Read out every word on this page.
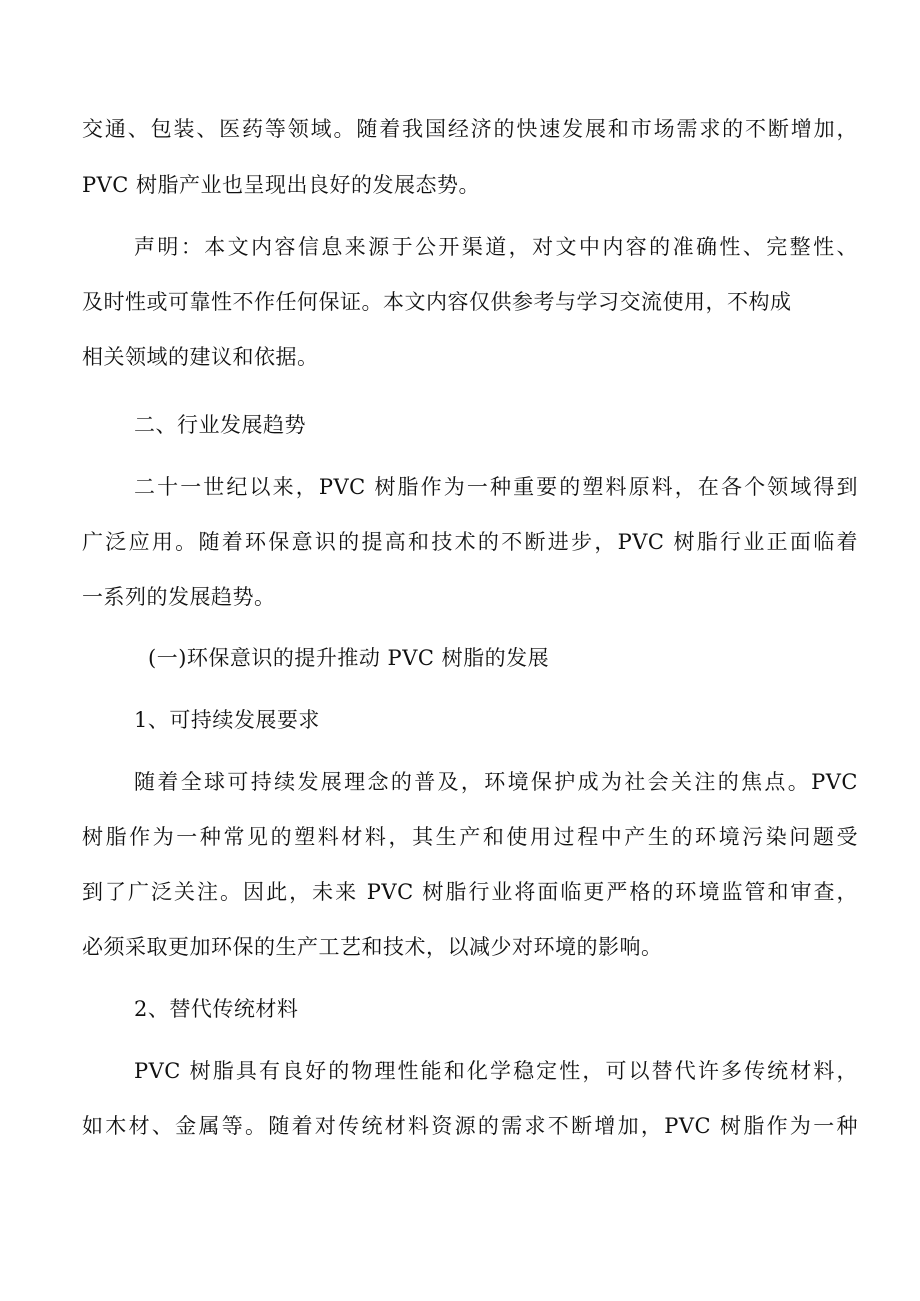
交通、包装、医药等领域。随着我国经济的快速发展和市场需求的不断增加，
PVC 树脂产业也呈现出良好的发展态势。
声明：本文内容信息来源于公开渠道，对文中内容的准确性、完整性、
及时性或可靠性不作任何保证。本文内容仅供参考与学习交流使用，不构成
相关领域的建议和依据。
二、行业发展趋势
二十一世纪以来，PVC 树脂作为一种重要的塑料原料，在各个领域得到
广泛应用。随着环保意识的提高和技术的不断进步，PVC 树脂行业正面临着
一系列的发展趋势。
(一)环保意识的提升推动 PVC 树脂的发展
1、可持续发展要求
随着全球可持续发展理念的普及，环境保护成为社会关注的焦点。PVC
树脂作为一种常见的塑料材料，其生产和使用过程中产生的环境污染问题受
到了广泛关注。因此，未来 PVC 树脂行业将面临更严格的环境监管和审查，
必须采取更加环保的生产工艺和技术，以减少对环境的影响。
2、替代传统材料
PVC 树脂具有良好的物理性能和化学稳定性，可以替代许多传统材料，
如木材、金属等。随着对传统材料资源的需求不断增加，PVC 树脂作为一种
